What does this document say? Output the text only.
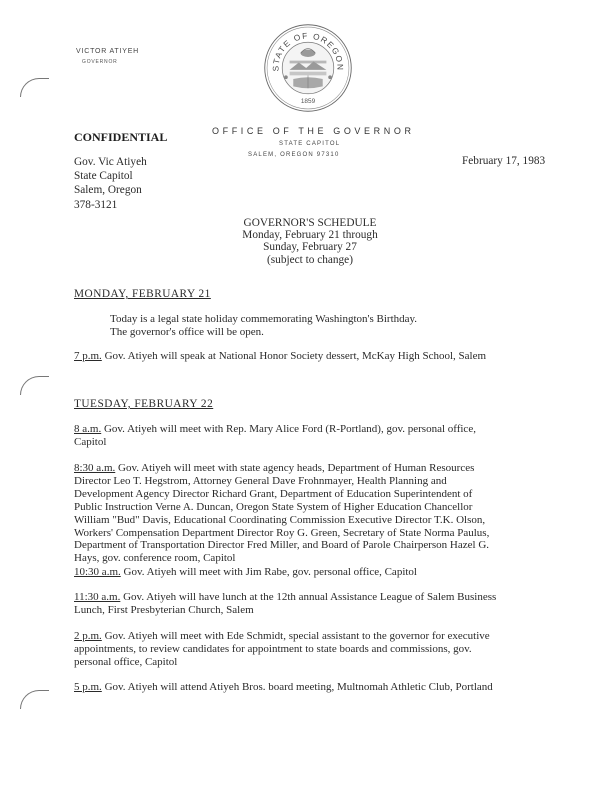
VICTOR ATIYEH
GOVERNOR
STATE OF OREGON
1859
OFFICE OF THE GOVERNOR
STATE CAPITOL
SALEM, OREGON 97310
CONFIDENTIAL
Gov. Vic Atiyeh
State Capitol
Salem, Oregon
378-3121
February 17, 1983
GOVERNOR'S SCHEDULE
Monday, February 21 through
Sunday, February 27
(subject to change)
MONDAY, FEBRUARY 21
Today is a legal state holiday commemorating Washington's Birthday.
The governor's office will be open.
7 p.m. Gov. Atiyeh will speak at National Honor Society dessert, McKay High School, Salem
TUESDAY, FEBRUARY 22
8 a.m. Gov. Atiyeh will meet with Rep. Mary Alice Ford (R-Portland), gov. personal office,
Capitol
8:30 a.m. Gov. Atiyeh will meet with state agency heads, Department of Human Resources
Director Leo T. Hegstrom, Attorney General Dave Frohnmayer, Health Planning and
Development Agency Director Richard Grant, Department of Education Superintendent of
Public Instruction Verne A. Duncan, Oregon State System of Higher Education Chancellor
William "Bud" Davis, Educational Coordinating Commission Executive Director T.K. Olson,
Workers' Compensation Department Director Roy G. Green, Secretary of State Norma Paulus,
Department of Transportation Director Fred Miller, and Board of Parole Chairperson Hazel G.
Hays, gov. conference room, Capitol
10:30 a.m. Gov. Atiyeh will meet with Jim Rabe, gov. personal office, Capitol
11:30 a.m. Gov. Atiyeh will have lunch at the 12th annual Assistance League of Salem Business
Lunch, First Presbyterian Church, Salem
2 p.m. Gov. Atiyeh will meet with Ede Schmidt, special assistant to the governor for executive
appointments, to review candidates for appointment to state boards and commissions, gov.
personal office, Capitol
5 p.m. Gov. Atiyeh will attend Atiyeh Bros. board meeting, Multnomah Athletic Club, Portland
